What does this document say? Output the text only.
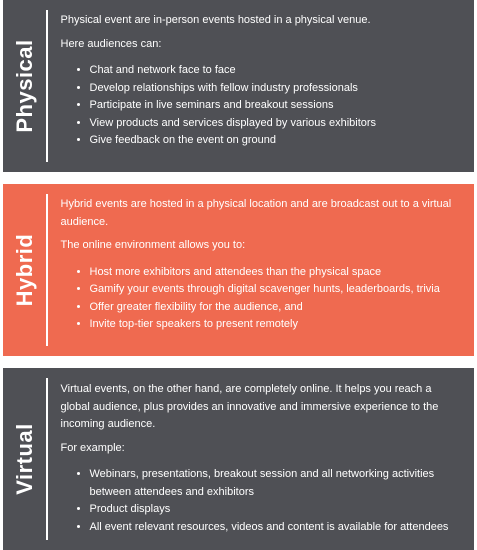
Physical

Physical event are in-person events hosted in a physical venue.

Here audiences can:

• Chat and network face to face
• Develop relationships with fellow industry professionals
• Participate in live seminars and breakout sessions
• View products and services displayed by various exhibitors
• Give feedback on the event on ground
Hybrid

Hybrid events are hosted in a physical location and are broadcast out to a virtual audience.

The online environment allows you to:

• Host more exhibitors and attendees than the physical space
• Gamify your events through digital scavenger hunts, leaderboards, trivia
• Offer greater flexibility for the audience, and
• Invite top-tier speakers to present remotely
Virtual

Virtual events, on the other hand, are completely online. It helps you reach a global audience, plus provides an innovative and immersive experience to the incoming audience.

For example:

• Webinars, presentations, breakout session and all networking activities between attendees and exhibitors
• Product displays
• All event relevant resources, videos and content is available for attendees
